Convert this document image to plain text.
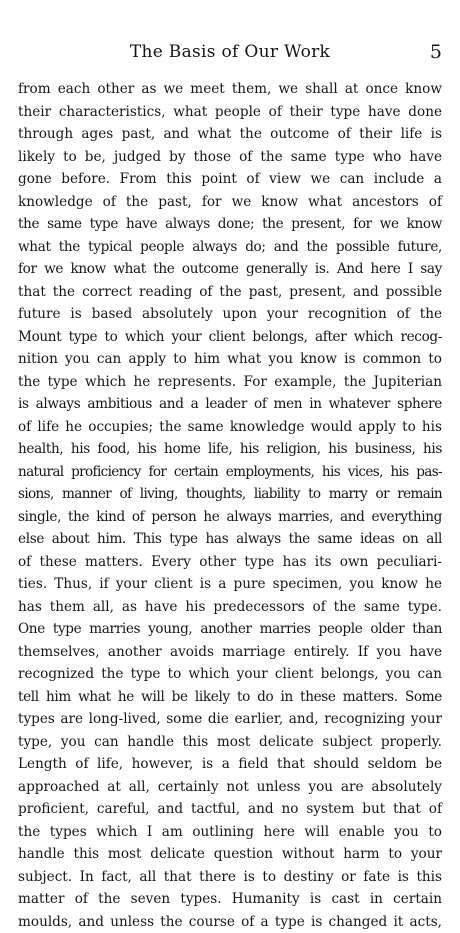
The Basis of Our Work	5
from each other as we meet them, we shall at once know
their characteristics, what people of their type have done
through ages past, and what the outcome of their life is
likely to be, judged by those of the same type who have
gone before. From this point of view we can include a
knowledge of the past, for we know what ancestors of
the same type have always done; the present, for we know
what the typical people always do; and the possible future,
for we know what the outcome generally is. And here I say
that the correct reading of the past, present, and possible
future is based absolutely upon your recognition of the
Mount type to which your client belongs, after which recog-
nition you can apply to him what you know is common to
the type which he represents. For example, the Jupiterian
is always ambitious and a leader of men in whatever sphere
of life he occupies; the same knowledge would apply to his
health, his food, his home life, his religion, his business, his
natural proficiency for certain employments, his vices, his pas-
sions, manner of living, thoughts, liability to marry or remain
single, the kind of person he always marries, and everything
else about him. This type has always the same ideas on all
of these matters. Every other type has its own peculiari-
ties. Thus, if your client is a pure specimen, you know he
has them all, as have his predecessors of the same type.
One type marries young, another marries people older than
themselves, another avoids marriage entirely. If you have
recognized the type to which your client belongs, you can
tell him what he will be likely to do in these matters. Some
types are long-lived, some die earlier, and, recognizing your
type, you can handle this most delicate subject properly.
Length of life, however, is a field that should seldom be
approached at all, certainly not unless you are absolutely
proficient, careful, and tactful, and no system but that of
the types which I am outlining here will enable you to
handle this most delicate question without harm to your
subject. In fact, all that there is to destiny or fate is this
matter of the seven types. Humanity is cast in certain
moulds, and unless the course of a type is changed it acts,
